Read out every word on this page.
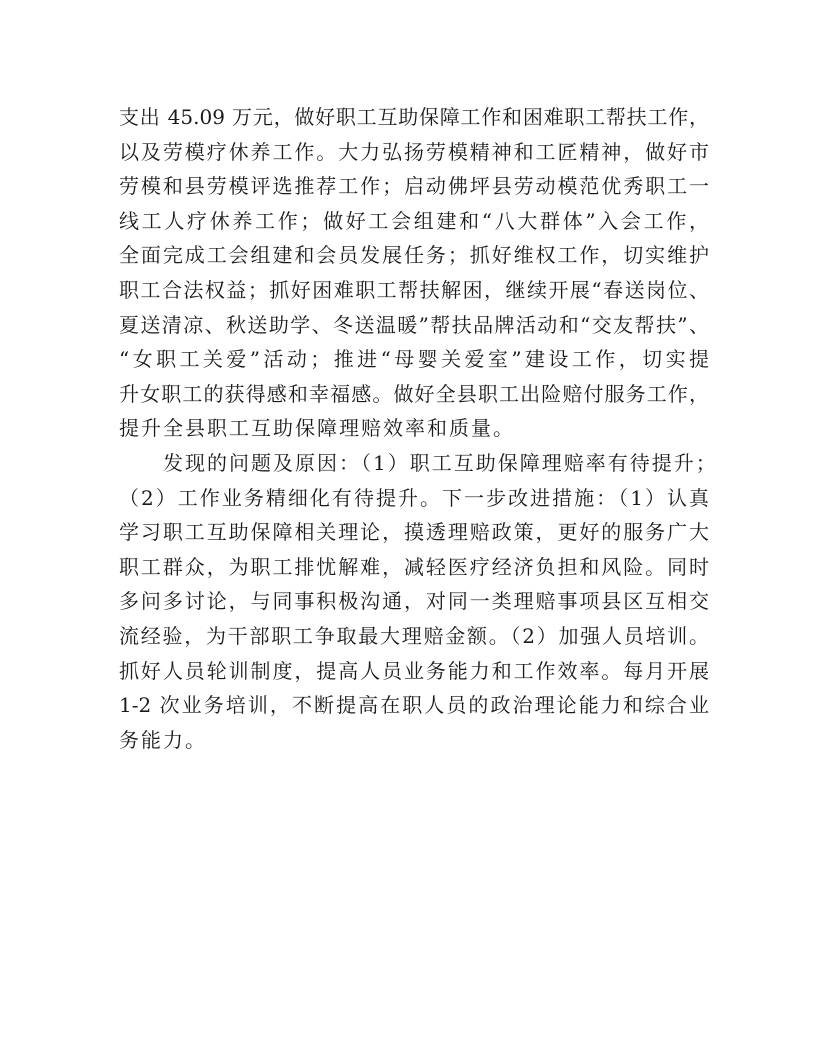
支出 45.09 万元，做好职工互助保障工作和困难职工帮扶工作，
以及劳模疗休养工作。大力弘扬劳模精神和工匠精神，做好市
劳模和县劳模评选推荐工作；启动佛坪县劳动模范优秀职工一
线工人疗休养工作；做好工会组建和“八大群体”入会工作，
全面完成工会组建和会员发展任务；抓好维权工作，切实维护
职工合法权益；抓好困难职工帮扶解困，继续开展“春送岗位、
夏送清凉、秋送助学、冬送温暖”帮扶品牌活动和“交友帮扶”、
“女职工关爱”活动；推进“母婴关爱室”建设工作，切实提
升女职工的获得感和幸福感。做好全县职工出险赔付服务工作，
提升全县职工互助保障理赔效率和质量。
　　发现的问题及原因：（1）职工互助保障理赔率有待提升；
（2）工作业务精细化有待提升。下一步改进措施：（1）认真
学习职工互助保障相关理论，摸透理赔政策，更好的服务广大
职工群众，为职工排忧解难，减轻医疗经济负担和风险。同时
多问多讨论，与同事积极沟通，对同一类理赔事项县区互相交
流经验，为干部职工争取最大理赔金额。（2）加强人员培训。
抓好人员轮训制度，提高人员业务能力和工作效率。每月开展
1-2 次业务培训，不断提高在职人员的政治理论能力和综合业
务能力。
